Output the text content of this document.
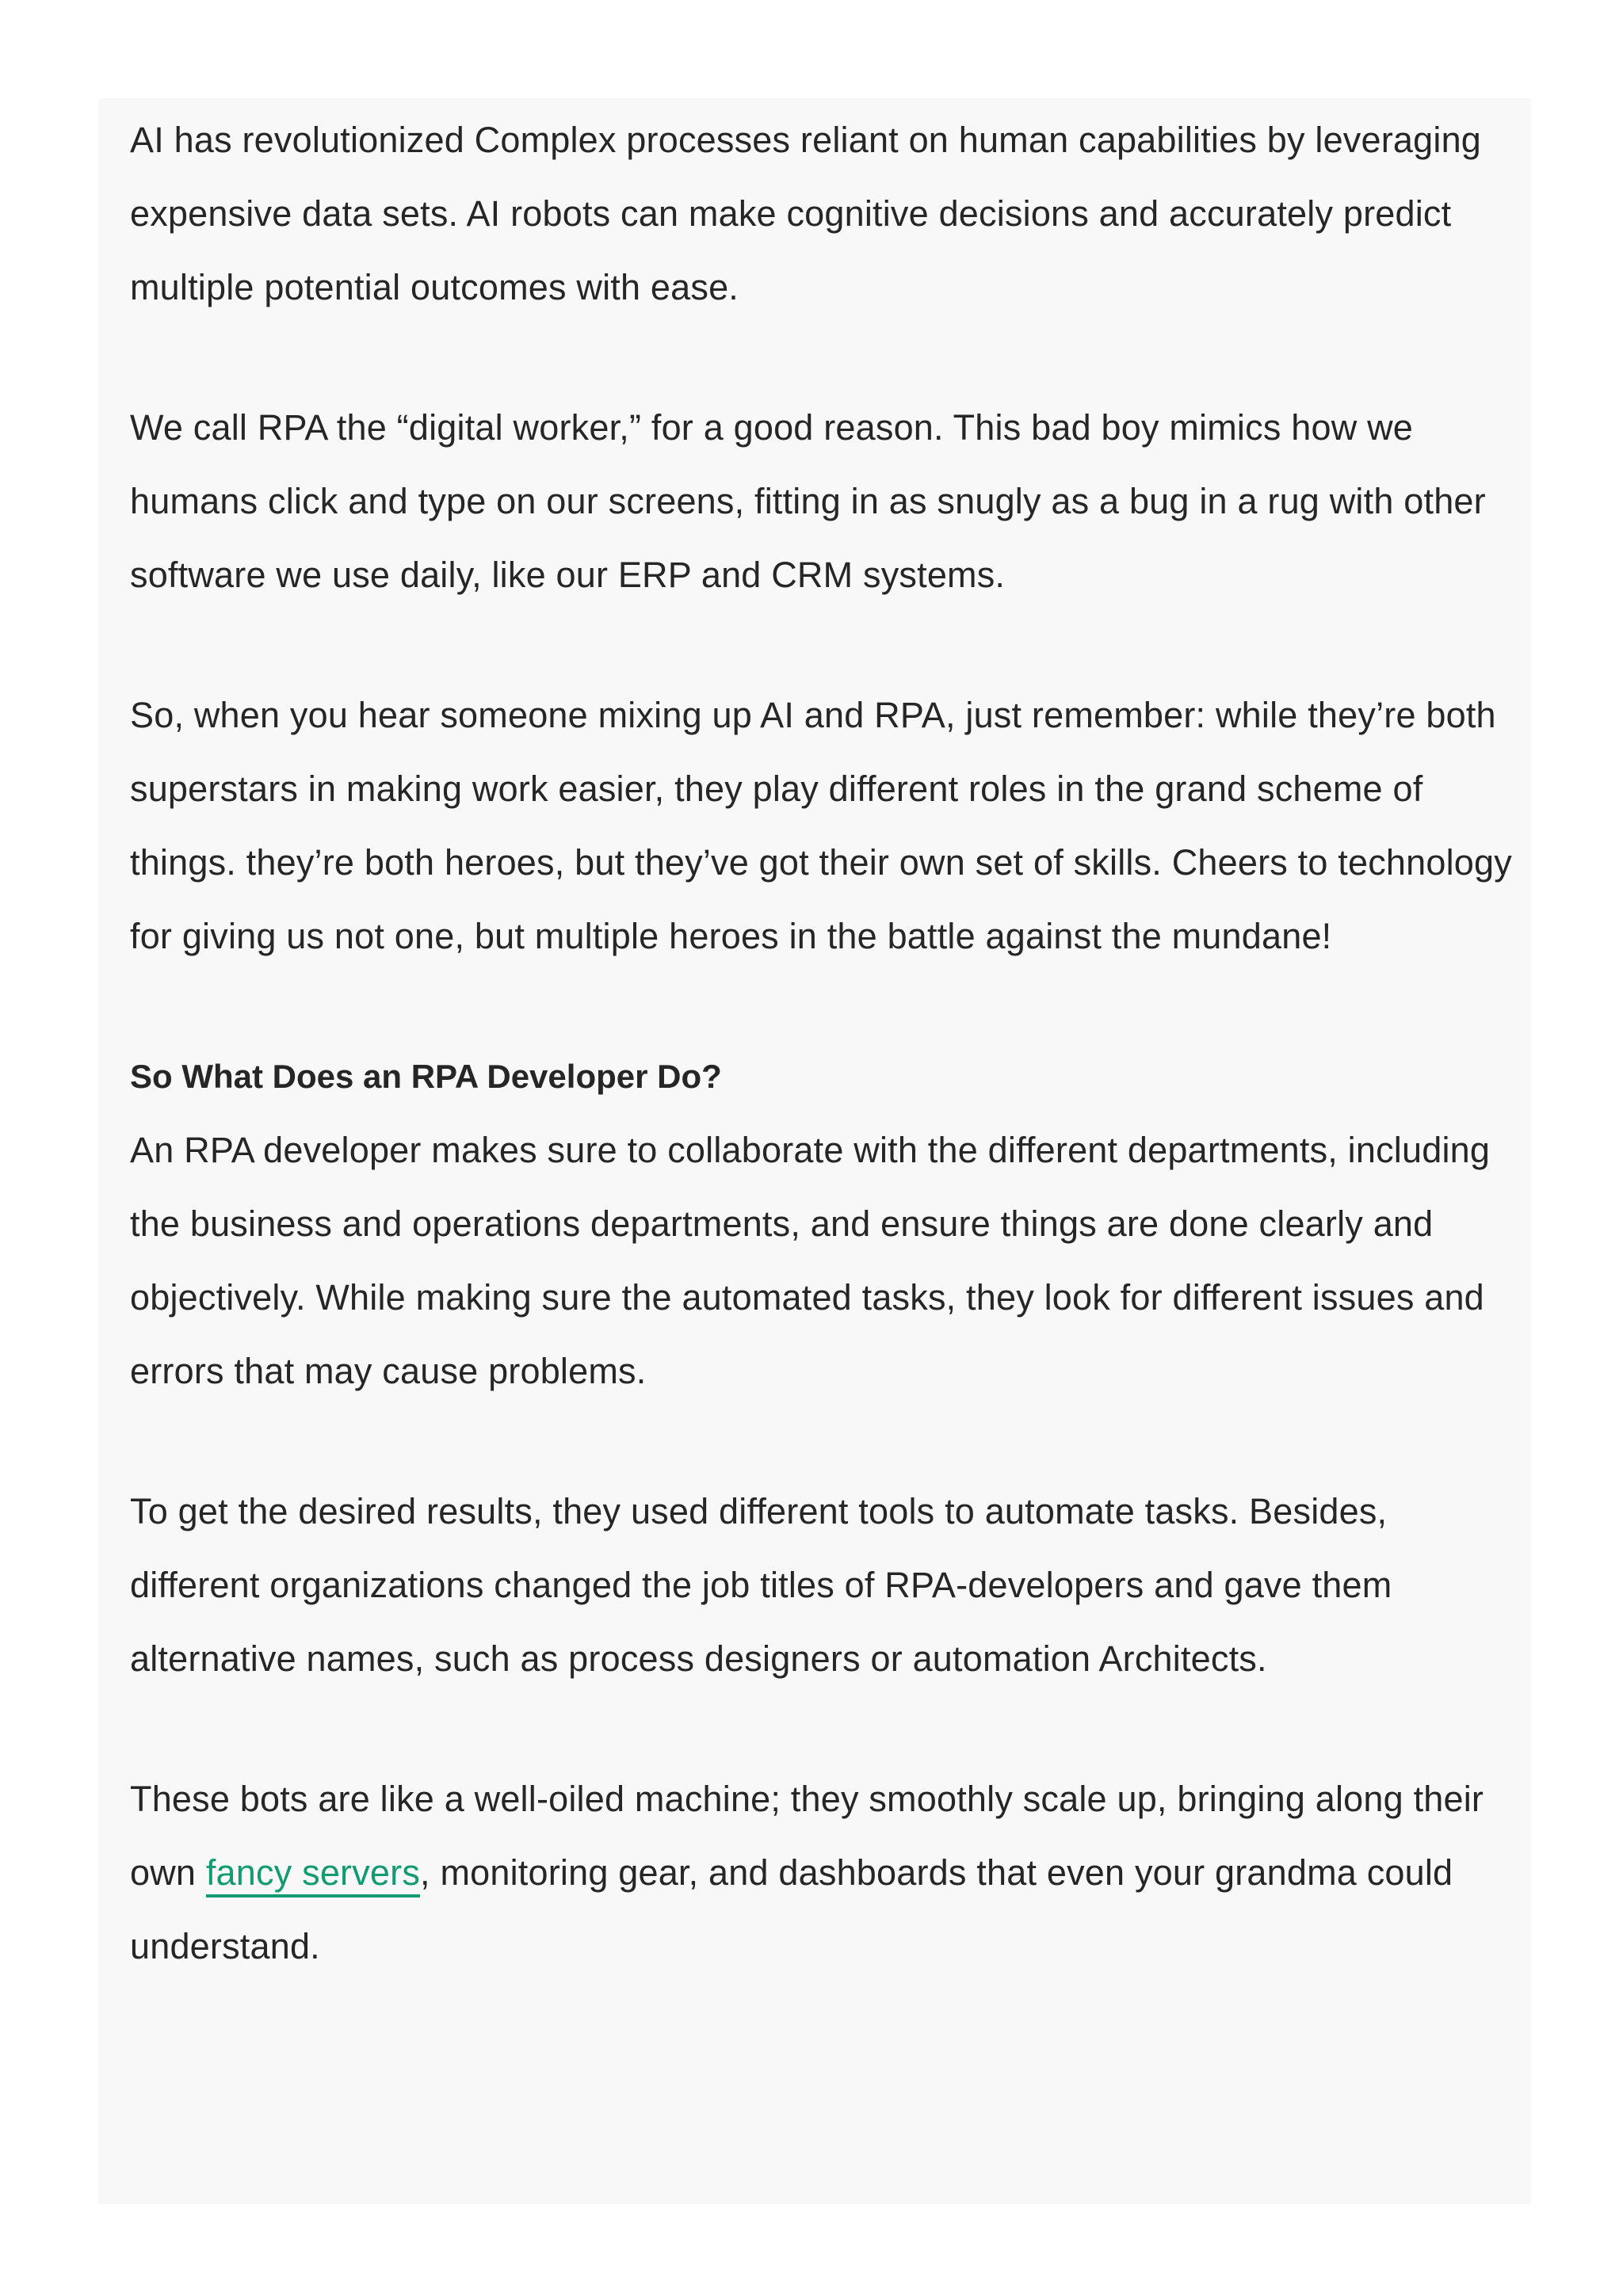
AI has revolutionized Complex processes reliant on human capabilities by leveraging expensive data sets. AI robots can make cognitive decisions and accurately predict multiple potential outcomes with ease.

We call RPA the “digital worker,” for a good reason. This bad boy mimics how we humans click and type on our screens, fitting in as snugly as a bug in a rug with other software we use daily, like our ERP and CRM systems.

So, when you hear someone mixing up AI and RPA, just remember: while they’re both superstars in making work easier, they play different roles in the grand scheme of things. they’re both heroes, but they’ve got their own set of skills. Cheers to technology for giving us not one, but multiple heroes in the battle against the mundane!

So What Does an RPA Developer Do?

An RPA developer makes sure to collaborate with the different departments, including the business and operations departments, and ensure things are done clearly and objectively. While making sure the automated tasks, they look for different issues and errors that may cause problems.

To get the desired results, they used different tools to automate tasks. Besides, different organizations changed the job titles of RPA-developers and gave them alternative names, such as process designers or automation Architects.

These bots are like a well-oiled machine; they smoothly scale up, bringing along their own fancy servers, monitoring gear, and dashboards that even your grandma could understand.
